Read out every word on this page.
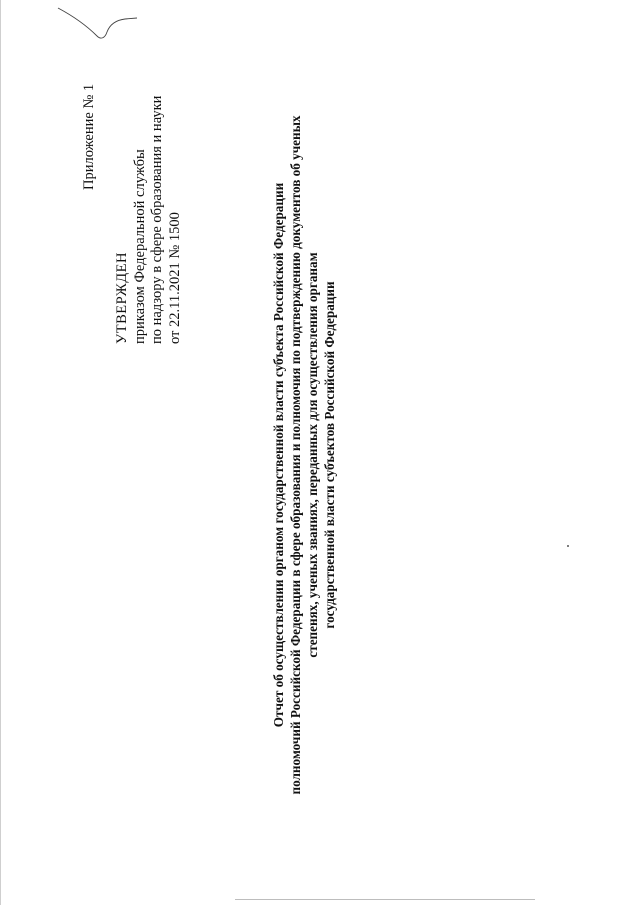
Приложение № 1
УТВЕРЖДЕН приказом Федеральной службы по надзору в сфере образования и науки от 22.11.2021 № 1500	Отчет об осуществлении органом государственной власти субъекта Российской Федерации полномочий Российской Федерации в сфере образования и полномочия по подтверждению документов об ученых степенях, ученых званиях, переданных для осуществления органам государственной власти субъектов Российской Федерации
